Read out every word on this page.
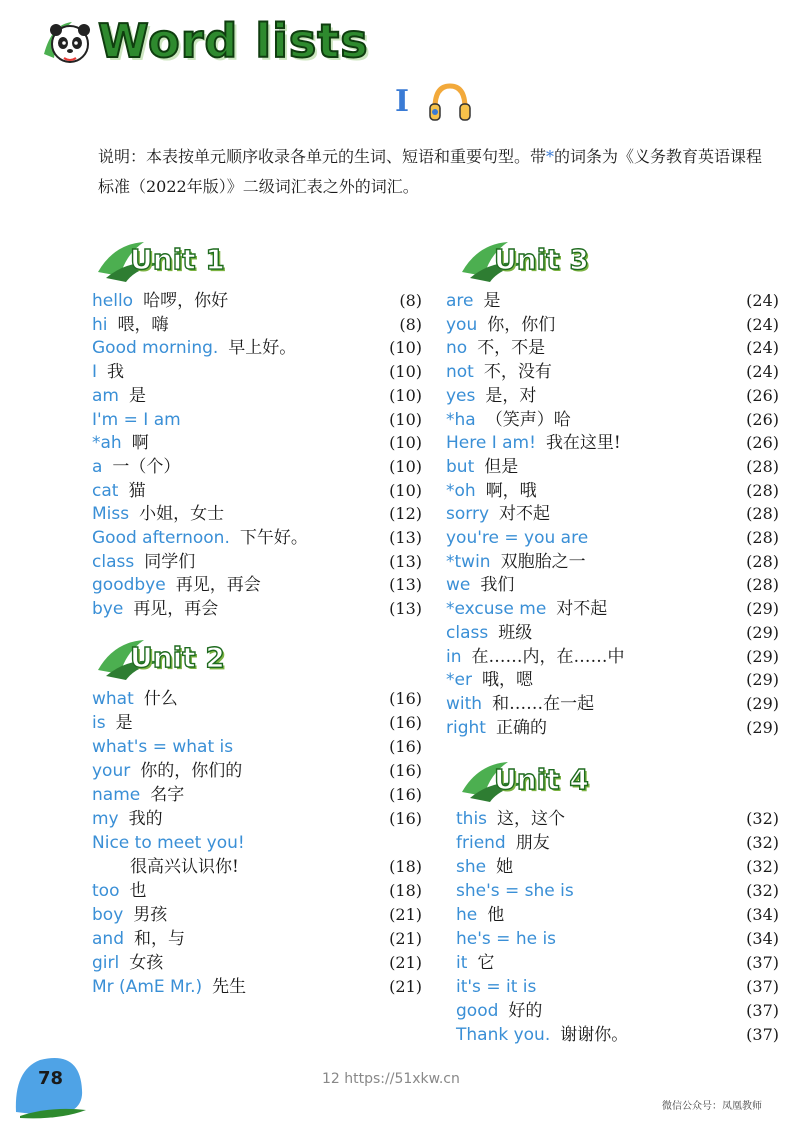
Word lists
I
说明：本表按单元顺序收录各单元的生词、短语和重要句型。带*的词条为《义务教育英语课程标准（2022年版）》二级词汇表之外的词汇。
Unit 1
Unit 2
Unit 3
Unit 4
hello 哈啰，你好	(8)
hi 喂，嗨	(8)
Good morning. 早上好。	(10)
I 我	(10)
am 是	(10)
I'm = I am	(10)
*ah 啊	(10)
a 一（个）	(10)
cat 猫	(10)
Miss 小姐，女士	(12)
Good afternoon. 下午好。	(13)
class 同学们	(13)
goodbye 再见，再会	(13)
bye 再见，再会	(13)
what 什么	(16)
is 是	(16)
what's = what is	(16)
your 你的，你们的	(16)
name 名字	(16)
my 我的	(16)
Nice to meet you!
很高兴认识你!	(18)
too 也	(18)
boy 男孩	(21)
and 和，与	(21)
girl 女孩	(21)
Mr (AmE Mr.) 先生	(21)
are 是	(24)
you 你，你们	(24)
no 不，不是	(24)
not 不，没有	(24)
yes 是，对	(26)
*ha （笑声）哈	(26)
Here I am! 我在这里!	(26)
but 但是	(28)
*oh 啊，哦	(28)
sorry 对不起	(28)
you're = you are	(28)
*twin 双胞胎之一	(28)
we 我们	(28)
*excuse me 对不起	(29)
class 班级	(29)
in 在……内，在……中	(29)
*er 哦，嗯	(29)
with 和……在一起	(29)
right 正确的	(29)
this 这，这个	(32)
friend 朋友	(32)
she 她	(32)
she's = she is	(32)
he 他	(34)
he's = he is	(34)
it 它	(37)
it's = it is	(37)
good 好的	(37)
Thank you. 谢谢你。	(37)
78	12 https://51xkw.cn
微信公众号：凤凰教师
